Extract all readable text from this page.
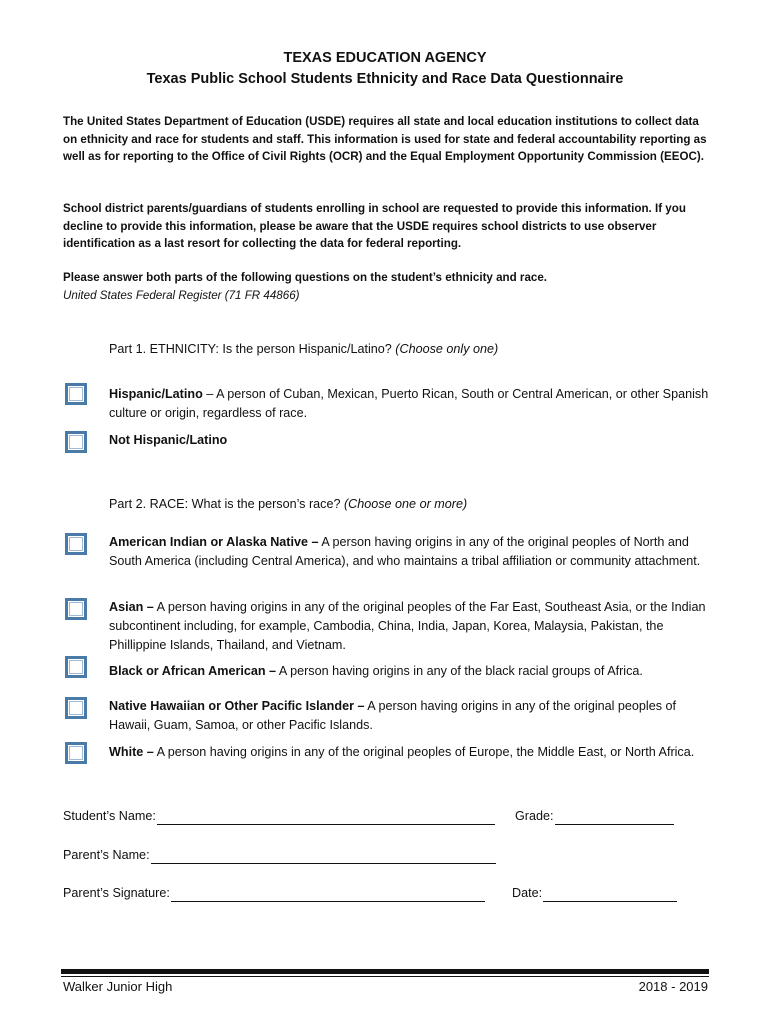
TEXAS EDUCATION AGENCY
Texas Public School Students Ethnicity and Race Data Questionnaire
The United States Department of Education (USDE) requires all state and local education institutions to collect data on ethnicity and race for students and staff. This information is used for state and federal accountability reporting as well as for reporting to the Office of Civil Rights (OCR) and the Equal Employment Opportunity Commission (EEOC).
School district parents/guardians of students enrolling in school are requested to provide this information. If you decline to provide this information, please be aware that the USDE requires school districts to use observer identification as a last resort for collecting the data for federal reporting.
Please answer both parts of the following questions on the student’s ethnicity and race.
United States Federal Register (71 FR 44866)
Part 1. ETHNICITY: Is the person Hispanic/Latino? (Choose only one)
Hispanic/Latino – A person of Cuban, Mexican, Puerto Rican, South or Central American, or other Spanish culture or origin, regardless of race.
Not Hispanic/Latino
Part 2. RACE: What is the person’s race? (Choose one or more)
American Indian or Alaska Native – A person having origins in any of the original peoples of North and South America (including Central America), and who maintains a tribal affiliation or community attachment.
Asian – A person having origins in any of the original peoples of the Far East, Southeast Asia, or the Indian subcontinent including, for example, Cambodia, China, India, Japan, Korea, Malaysia, Pakistan, the Phillippine Islands, Thailand, and Vietnam.
Black or African American – A person having origins in any of the black racial groups of Africa.
Native Hawaiian or Other Pacific Islander – A person having origins in any of the original peoples of Hawaii, Guam, Samoa, or other Pacific Islands.
White – A person having origins in any of the original peoples of Europe, the Middle East, or North Africa.
Student’s Name:	Grade:
Parent’s Name:
Parent’s Signature:	Date:
Walker Junior High	2018 - 2019
